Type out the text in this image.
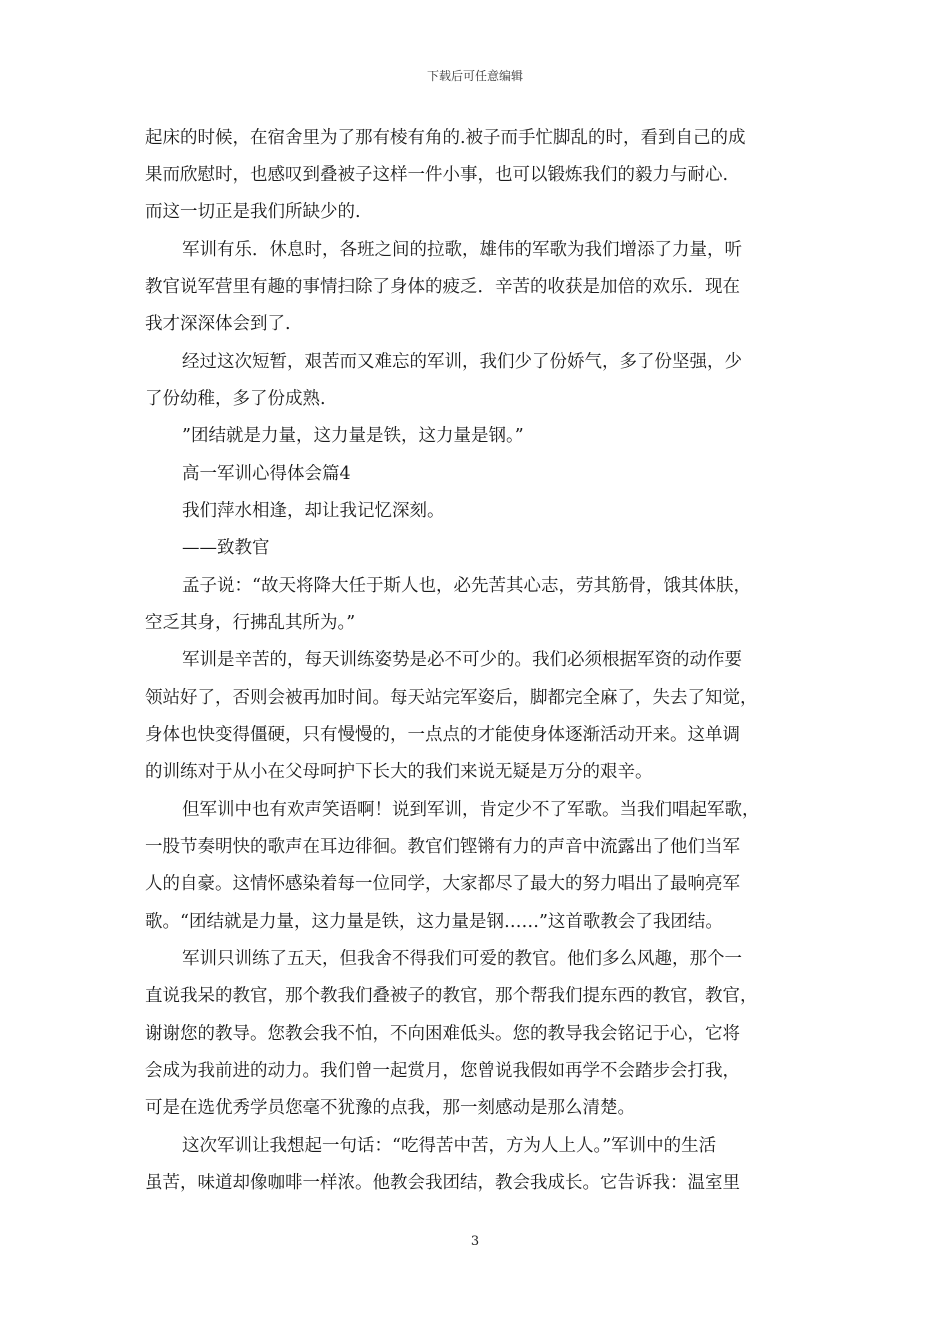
下载后可任意编辑
起床的时候，在宿舍里为了那有棱有角的.被子而手忙脚乱的时，看到自己的成
果而欣慰时，也感叹到叠被子这样一件小事，也可以锻炼我们的毅力与耐心.
而这一切正是我们所缺少的.
军训有乐．休息时，各班之间的拉歌，雄伟的军歌为我们增添了力量，听
教官说军营里有趣的事情扫除了身体的疲乏．辛苦的收获是加倍的欢乐．现在
我才深深体会到了.
经过这次短暂，艰苦而又难忘的军训，我们少了份娇气，多了份坚强，少
了份幼稚，多了份成熟.
”团结就是力量，这力量是铁，这力量是钢。”
高一军训心得体会篇4
我们萍水相逢，却让我记忆深刻。
——致教官
孟子说：“故天将降大任于斯人也，必先苦其心志，劳其筋骨，饿其体肤，
空乏其身，行拂乱其所为。”
军训是辛苦的，每天训练姿势是必不可少的。我们必须根据军资的动作要
领站好了，否则会被再加时间。每天站完军姿后，脚都完全麻了，失去了知觉，
身体也快变得僵硬，只有慢慢的，一点点的才能使身体逐渐活动开来。这单调
的训练对于从小在父母呵护下长大的我们来说无疑是万分的艰辛。
但军训中也有欢声笑语啊！说到军训，肯定少不了军歌。当我们唱起军歌，
一股节奏明快的歌声在耳边徘徊。教官们铿锵有力的声音中流露出了他们当军
人的自豪。这情怀感染着每一位同学，大家都尽了最大的努力唱出了最响亮军
歌。“团结就是力量，这力量是铁，这力量是钢……”这首歌教会了我团结。
军训只训练了五天，但我舍不得我们可爱的教官。他们多么风趣，那个一
直说我呆的教官，那个教我们叠被子的教官，那个帮我们提东西的教官，教官，
谢谢您的教导。您教会我不怕，不向困难低头。您的教导我会铭记于心，它将
会成为我前进的动力。我们曾一起赏月，您曾说我假如再学不会踏步会打我，
可是在选优秀学员您毫不犹豫的点我，那一刻感动是那么清楚。
这次军训让我想起一句话：“吃得苦中苦，方为人上人。”军训中的生活
虽苦，味道却像咖啡一样浓。他教会我团结，教会我成长。它告诉我：温室里
3
